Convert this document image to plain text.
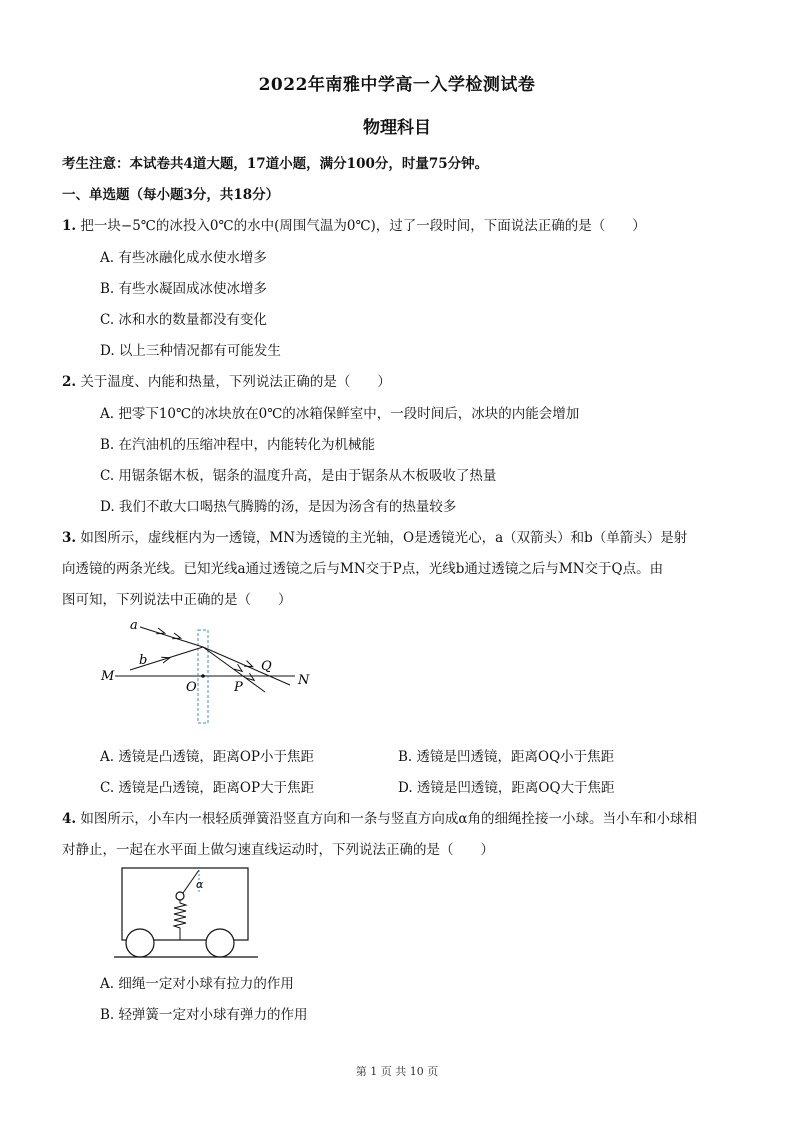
2022年南雅中学高一入学检测试卷
物理科目
考生注意：本试卷共4道大题，17道小题，满分100分，时量75分钟。
一、单选题（每小题3分，共18分）
1. 把一块−5℃的冰投入0℃的水中(周围气温为0℃)，过了一段时间，下面说法正确的是（　　）
A. 有些冰融化成水使水增多
B. 有些水凝固成冰使冰增多
C. 冰和水的数量都没有变化
D. 以上三种情况都有可能发生
2. 关于温度、内能和热量，下列说法正确的是（　　）
A. 把零下10℃的冰块放在0℃的冰箱保鲜室中，一段时间后，冰块的内能会增加
B. 在汽油机的压缩冲程中，内能转化为机械能
C. 用锯条锯木板，锯条的温度升高，是由于锯条从木板吸收了热量
D. 我们不敢大口喝热气腾腾的汤，是因为汤含有的热量较多
3. 如图所示，虚线框内为一透镜，MN为透镜的主光轴，O是透镜光心，a（双箭头）和b（单箭头）是射
向透镜的两条光线。已知光线a通过透镜之后与MN交于P点，光线b通过透镜之后与MN交于Q点。由
图可知，下列说法中正确的是（　　）
a
b
M	N
O	P
Q
A. 透镜是凸透镜，距离OP小于焦距	B. 透镜是凹透镜，距离OQ小于焦距
C. 透镜是凸透镜，距离OP大于焦距	D. 透镜是凹透镜，距离OQ大于焦距
4. 如图所示，小车内一根轻质弹簧沿竖直方向和一条与竖直方向成α角的细绳拴接一小球。当小车和小球相
对静止，一起在水平面上做匀速直线运动时，下列说法正确的是（　　）
α
A. 细绳一定对小球有拉力的作用
B. 轻弹簧一定对小球有弹力的作用
第 1 页 共 10 页
